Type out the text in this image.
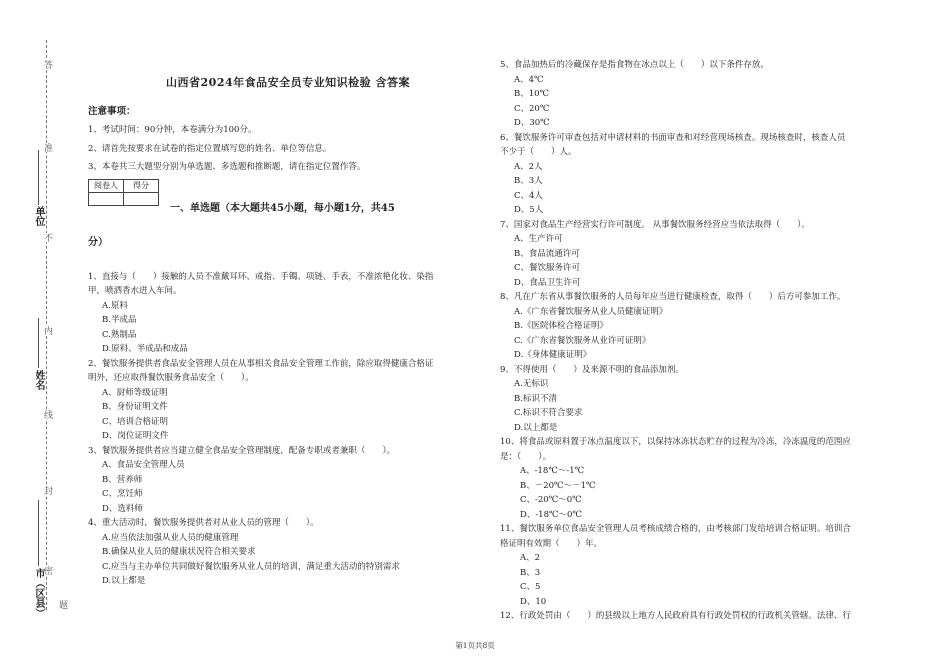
答
准
不
内
线
封
密
单位
姓名
市（区县） 题
山西省2024年食品安全员专业知识检验 含答案
注意事项：
1、考试时间：90分钟，本卷满分为100分。
2、请首先按要求在试卷的指定位置填写您的姓名、单位等信息。
3、本卷共三大题型分别为单选题、多选题和推断题，请在指定位置作答。
阅卷人	得分

一、单选题（本大题共45小题，每小题1分，共45
分）
1、直接与（　　）接触的人员不准戴耳环、戒指、手镯、项链、手表，不准浓艳化妆、染指
甲，喷洒香水进入车间。
A.原料
B.半成品
C.熟制品
D.原料、半成品和成品
2、餐饮服务提供者食品安全管理人员在从事相关食品安全管理工作前，除应取得健康合格证
明外，还应取得餐饮服务食品安全（　　）。
A、厨师等级证明
B、身份证明文件
C、培训合格证明
D、岗位证明文件
3、餐饮服务提供者应当建立健全食品安全管理制度，配备专职或者兼职（　　）。
A、食品安全管理人员
B、营养师
C、烹饪师
D、选料师
4、重大活动时，餐饮服务提供者对从业人员的管理（　　）。
A.应当依法加强从业人员的健康管理
B.确保从业人员的健康状况符合相关要求
C.应当与主办单位共同做好餐饮服务从业人员的培训，满足重大活动的特别需求
D.以上都是
5、食品加热后的冷藏保存是指食物在冰点以上（　　）以下条件存放。
A、4℃
B、10℃
C、20℃
D、30℃
6、餐饮服务许可审查包括对申请材料的书面审查和对经营现场核查。现场核查时，核查人员
不少于（　　）人。
A、2人
B、3人
C、4人
D、5人
7、国家对食品生产经营实行许可制度。 从事餐饮服务经营应当依法取得（　　）。
A、生产许可
B、食品流通许可
C、餐饮服务许可
D、食品卫生许可
8、凡在广东省从事餐饮服务的人员每年应当进行健康检查，取得（　　）后方可参加工作。
A.《广东省餐饮服务从业人员健康证明》
B.《医院体检合格证明》
C.《广东省餐饮服务从业许可证明》
D.《身体健康证明》
9、不得使用（　　）及来源不明的食品添加剂。
A.无标识
B.标识不清
C.标识不符合要求
D.以上都是
10、将食品或原料置于冰点温度以下，以保持冰冻状态贮存的过程为冷冻，冷冻温度的范围应
是：（　　）。
A、-18℃～-1℃
B、－20℃～－1℃
C、-20℃～0℃
D、-18℃～0℃
11、餐饮服务单位食品安全管理人员考核成绩合格的，由考核部门发给培训合格证明。培训合
格证明有效期（　　）年。
A、2
B、3
C、5
D、10
12、行政处罚由（　　）的县级以上地方人民政府具有行政处罚权的行政机关管辖。法律、行
第1页共8页
